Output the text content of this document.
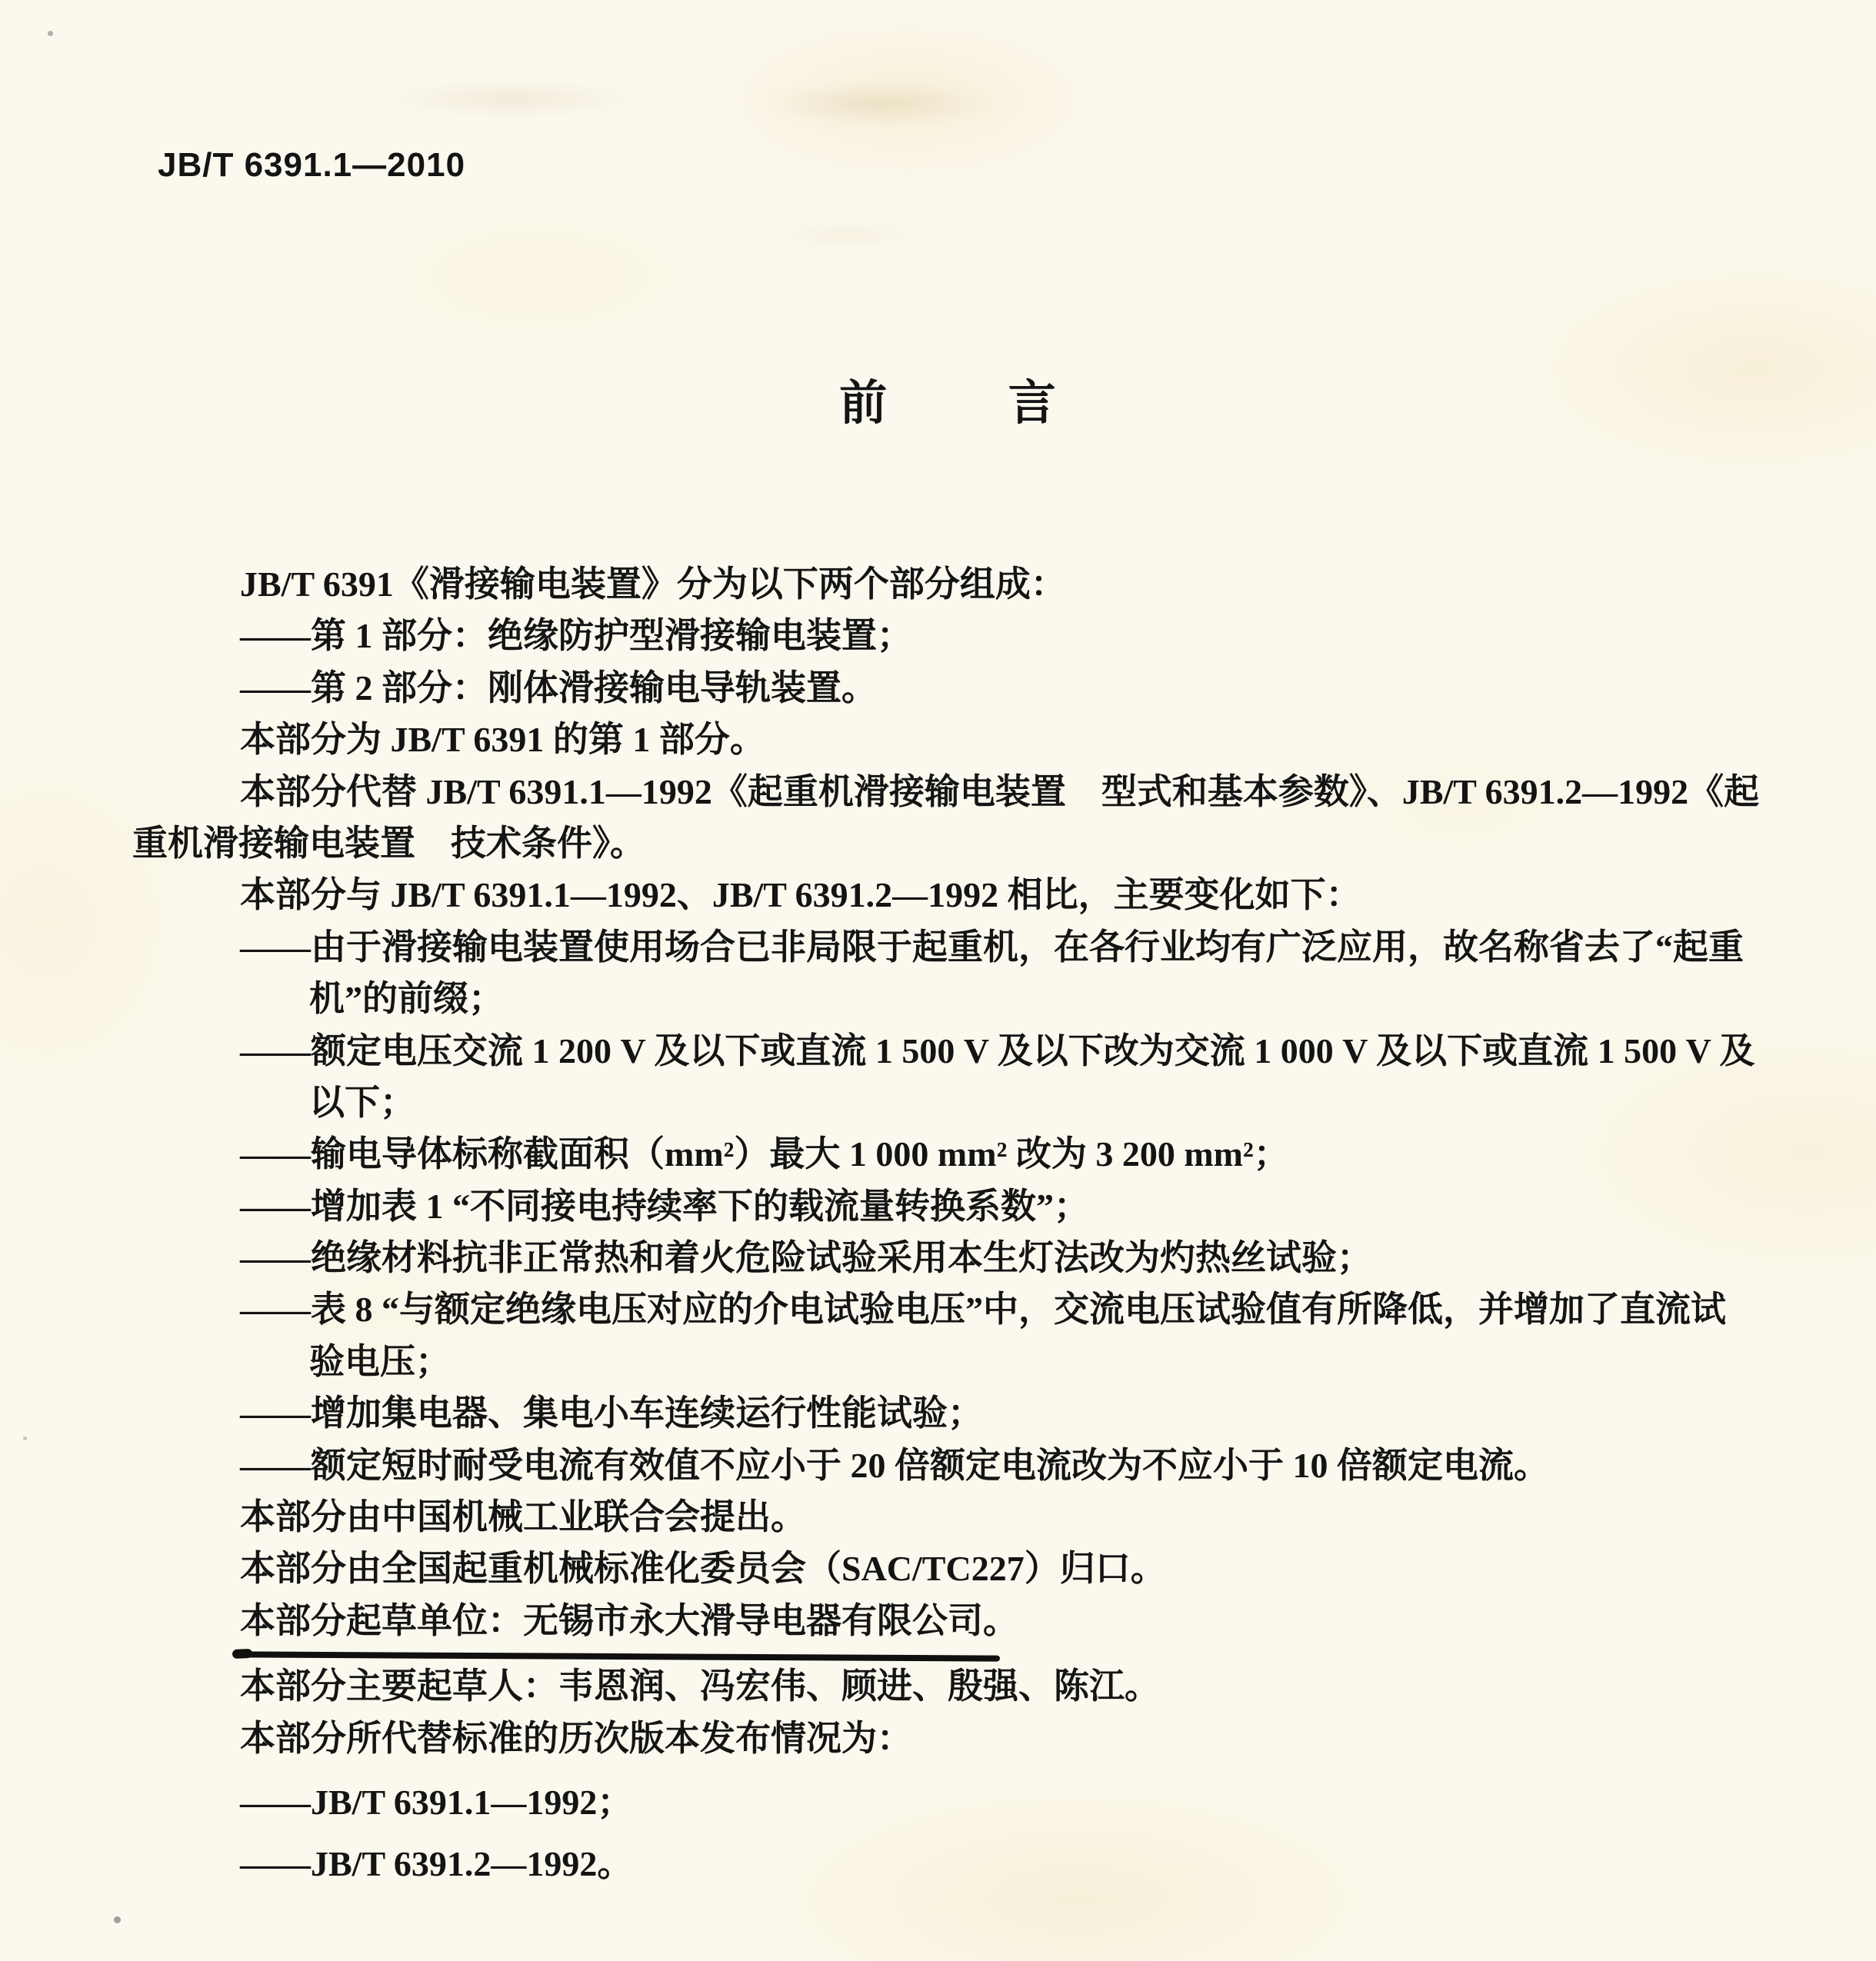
JB/T 6391.1—2010
前　　言
JB/T 6391《滑接输电装置》分为以下两个部分组成：
——第 1 部分：绝缘防护型滑接输电装置；
——第 2 部分：刚体滑接输电导轨装置。
本部分为 JB/T 6391 的第 1 部分。
本部分代替 JB/T 6391.1—1992《起重机滑接输电装置　型式和基本参数》、JB/T 6391.2—1992《起
重机滑接输电装置　技术条件》。
本部分与 JB/T 6391.1—1992、JB/T 6391.2—1992 相比，主要变化如下：
——由于滑接输电装置使用场合已非局限于起重机，在各行业均有广泛应用，故名称省去了“起重
机”的前缀；
——额定电压交流 1 200 V 及以下或直流 1 500 V 及以下改为交流 1 000 V 及以下或直流 1 500 V 及
以下；
——输电导体标称截面积（mm²）最大 1 000 mm² 改为 3 200 mm²；
——增加表 1 “不同接电持续率下的载流量转换系数”；
——绝缘材料抗非正常热和着火危险试验采用本生灯法改为灼热丝试验；
——表 8 “与额定绝缘电压对应的介电试验电压”中，交流电压试验值有所降低，并增加了直流试
验电压；
——增加集电器、集电小车连续运行性能试验；
——额定短时耐受电流有效值不应小于 20 倍额定电流改为不应小于 10 倍额定电流。
本部分由中国机械工业联合会提出。
本部分由全国起重机械标准化委员会（SAC/TC227）归口。
本部分起草单位：无锡市永大滑导电器有限公司。
本部分主要起草人：韦恩润、冯宏伟、顾进、殷强、陈江。
本部分所代替标准的历次版本发布情况为：
——JB/T 6391.1—1992；
——JB/T 6391.2—1992。
